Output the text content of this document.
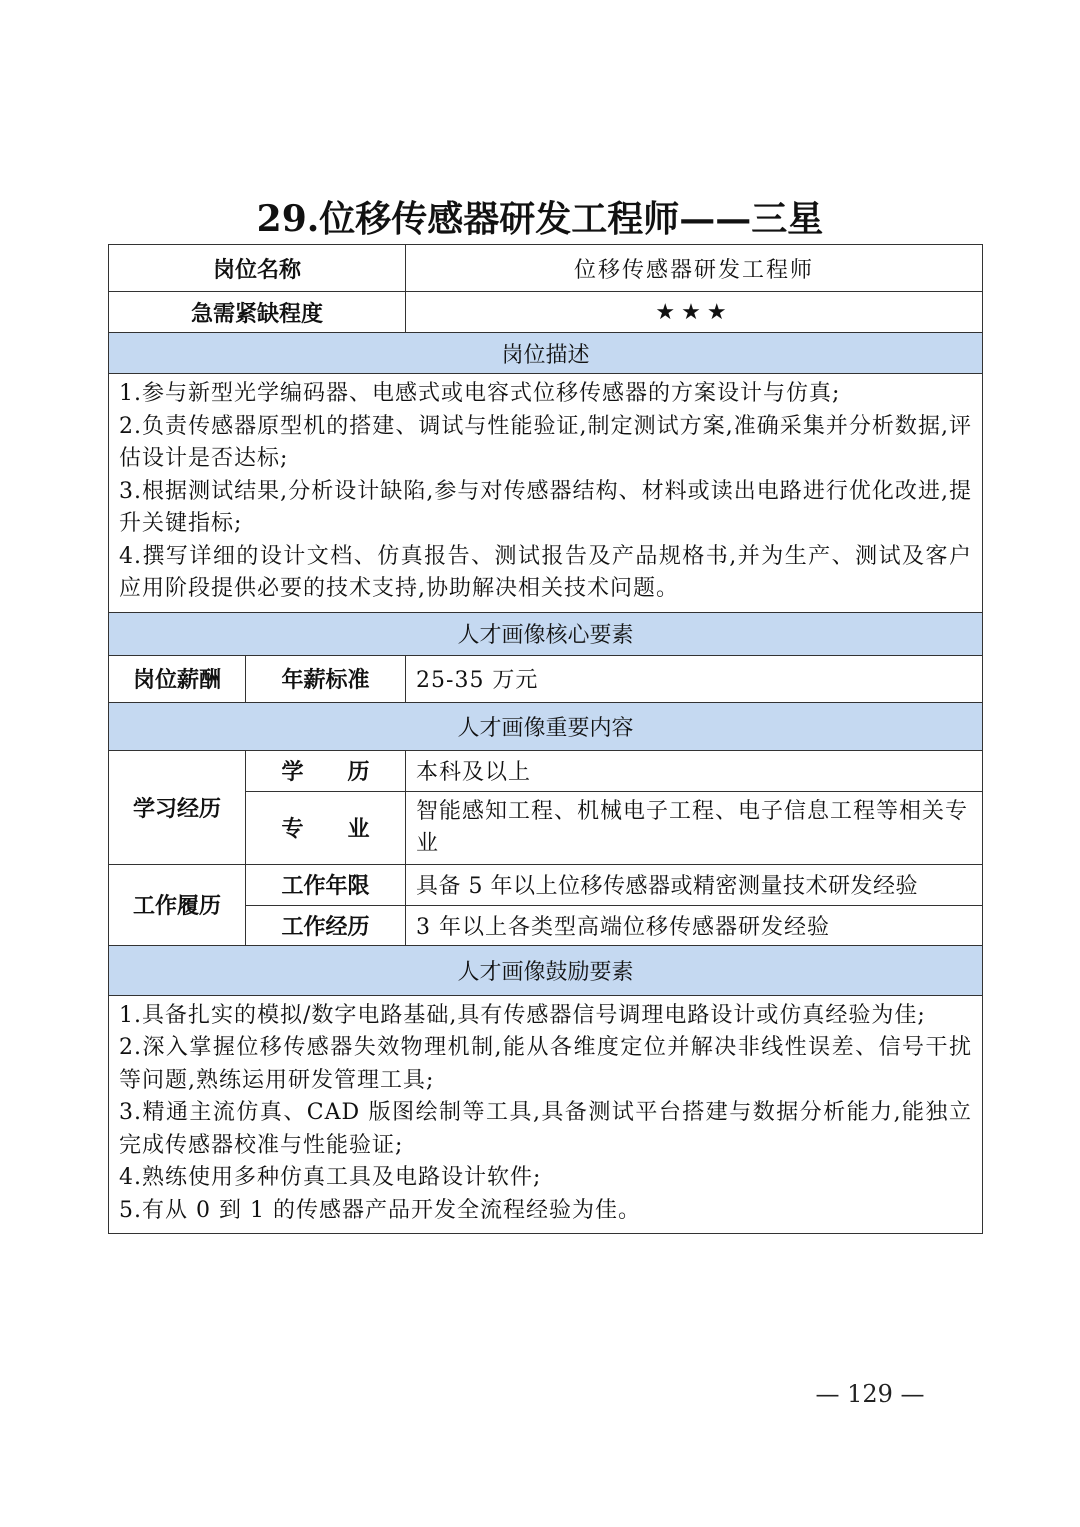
29.位移传感器研发工程师——三星
岗位名称		位移传感器研发工程师
急需紧缺程度		★★★
岗位描述		

1.参与新型光学编码器、电感式或电容式位移传感器的方案设计与仿真;

2.负责传感器原型机的搭建、调试与性能验证,制定测试方案,准确采集并分析数据,评估设计是否达标;

3.根据测试结果,分析设计缺陷,参与对传感器结构、材料或读出电路进行优化改进,提升关键指标;

4.撰写详细的设计文档、仿真报告、测试报告及产品规格书,并为生产、测试及客户应用阶段提供必要的技术支持,协助解决相关技术问题。		

人才画像核心要素		
岗位薪酬	年薪标准	25-35 万元
人才画像重要内容		
学习经历	学　　历	本科及以上
	专　　业	智能感知工程、机械电子工程、电子信息工程等相关专业
工作履历	工作年限	具备 5 年以上位移传感器或精密测量技术研发经验
	工作经历	3 年以上各类型高端位移传感器研发经验
人才画像鼓励要素		

1.具备扎实的模拟/数字电路基础,具有传感器信号调理电路设计或仿真经验为佳;

2.深入掌握位移传感器失效物理机制,能从各维度定位并解决非线性误差、信号干扰等问题,熟练运用研发管理工具;

3.精通主流仿真、CAD 版图绘制等工具,具备测试平台搭建与数据分析能力,能独立完成传感器校准与性能验证;

4.熟练使用多种仿真工具及电路设计软件;

5.有从 0 到 1 的传感器产品开发全流程经验为佳。		

— 129 —
